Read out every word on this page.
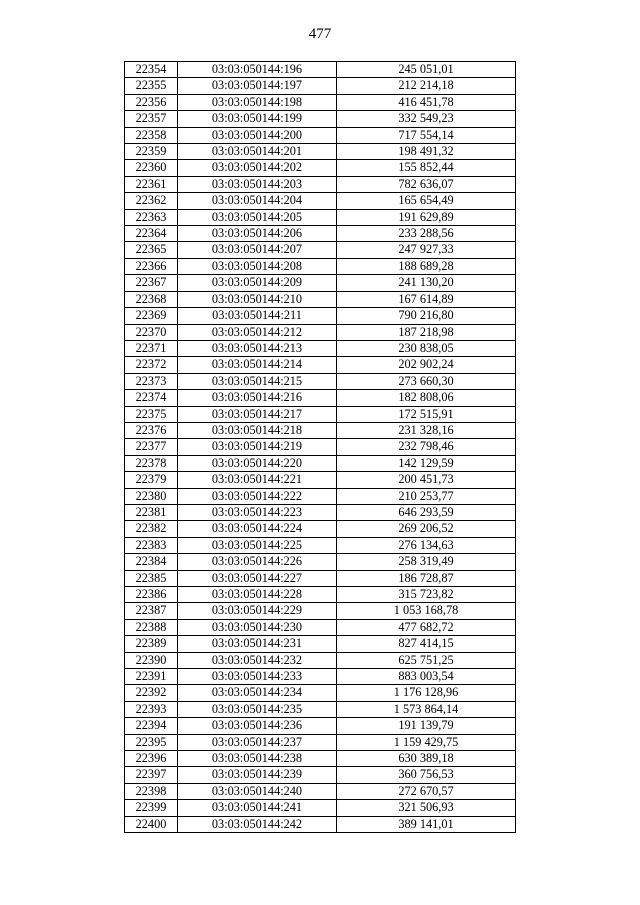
477
22354	03:03:050144:196	245 051,01
22355	03:03:050144:197	212 214,18
22356	03:03:050144:198	416 451,78
22357	03:03:050144:199	332 549,23
22358	03:03:050144:200	717 554,14
22359	03:03:050144:201	198 491,32
22360	03:03:050144:202	155 852,44
22361	03:03:050144:203	782 636,07
22362	03:03:050144:204	165 654,49
22363	03:03:050144:205	191 629,89
22364	03:03:050144:206	233 288,56
22365	03:03:050144:207	247 927,33
22366	03:03:050144:208	188 689,28
22367	03:03:050144:209	241 130,20
22368	03:03:050144:210	167 614,89
22369	03:03:050144:211	790 216,80
22370	03:03:050144:212	187 218,98
22371	03:03:050144:213	230 838,05
22372	03:03:050144:214	202 902,24
22373	03:03:050144:215	273 660,30
22374	03:03:050144:216	182 808,06
22375	03:03:050144:217	172 515,91
22376	03:03:050144:218	231 328,16
22377	03:03:050144:219	232 798,46
22378	03:03:050144:220	142 129,59
22379	03:03:050144:221	200 451,73
22380	03:03:050144:222	210 253,77
22381	03:03:050144:223	646 293,59
22382	03:03:050144:224	269 206,52
22383	03:03:050144:225	276 134,63
22384	03:03:050144:226	258 319,49
22385	03:03:050144:227	186 728,87
22386	03:03:050144:228	315 723,82
22387	03:03:050144:229	1 053 168,78
22388	03:03:050144:230	477 682,72
22389	03:03:050144:231	827 414,15
22390	03:03:050144:232	625 751,25
22391	03:03:050144:233	883 003,54
22392	03:03:050144:234	1 176 128,96
22393	03:03:050144:235	1 573 864,14
22394	03:03:050144:236	191 139,79
22395	03:03:050144:237	1 159 429,75
22396	03:03:050144:238	630 389,18
22397	03:03:050144:239	360 756,53
22398	03:03:050144:240	272 670,57
22399	03:03:050144:241	321 506,93
22400	03:03:050144:242	389 141,01
